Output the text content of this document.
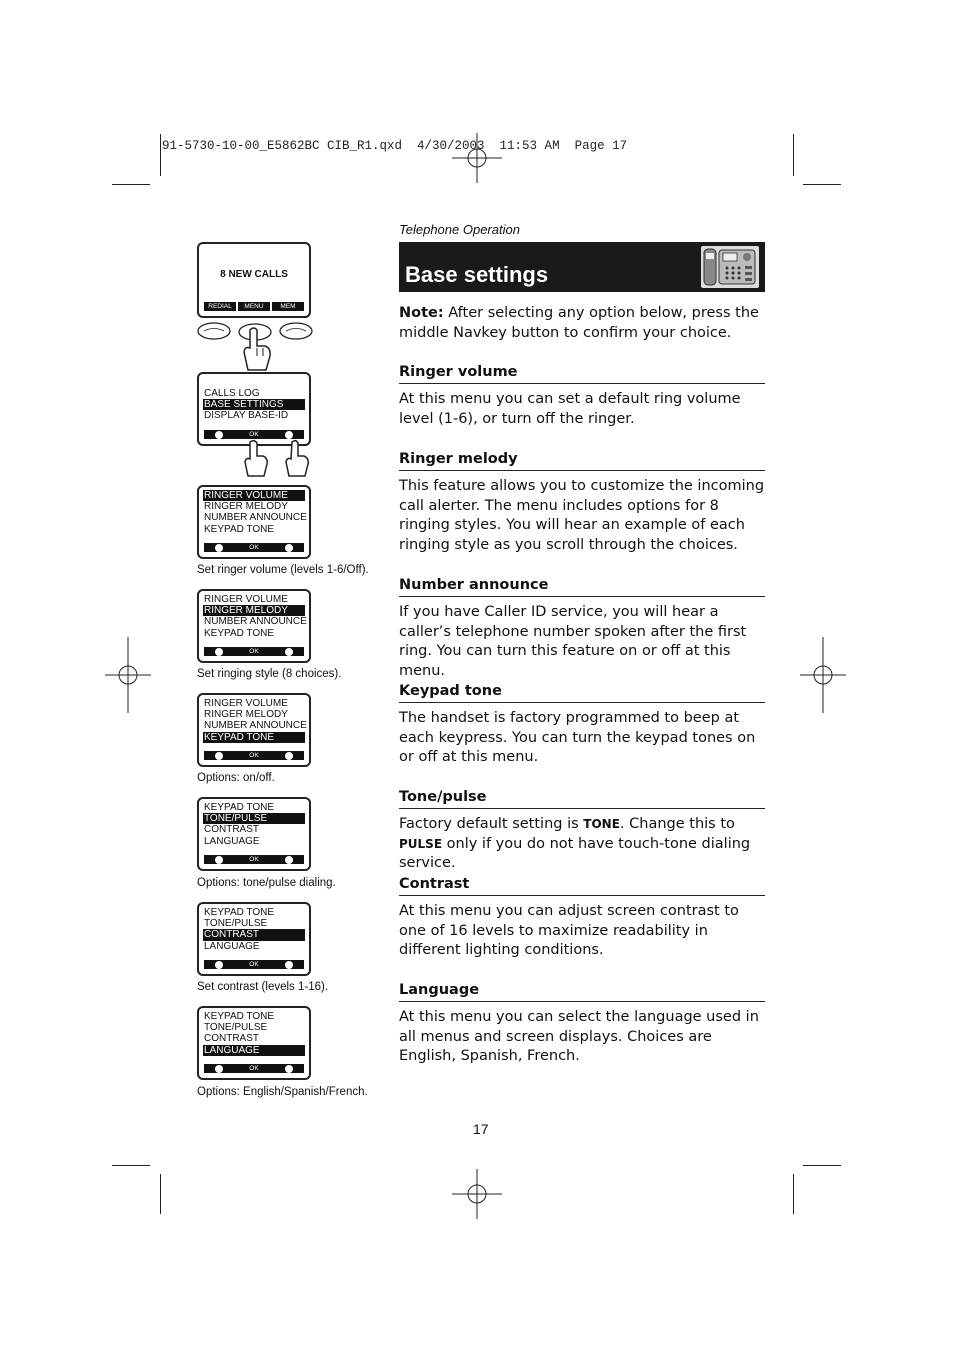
91-5730-10-00_E5862BC CIB_R1.qxd  4/30/2003  11:53 AM  Page 17
Telephone Operation
Base settings
Note: After selecting any option below, press the middle Navkey button to confirm your choice.
Ringer volume
At this menu you can set a default ring volume level (1-6), or turn off the ringer.
Ringer melody
This feature allows you to customize the incoming call alerter. The menu includes options for 8 ringing styles. You will hear an example of each ringing style as you scroll through the choices.
Number announce
If you have Caller ID service, you will hear a caller’s telephone number spoken after the first ring. You can turn this feature on or off at this menu.
Keypad tone
The handset is factory programmed to beep at each keypress. You can turn the keypad tones on or off at this menu.
Tone/pulse
Factory default setting is TONE. Change this to PULSE only if you do not have touch-tone dialing service.
Contrast
At this menu you can adjust screen contrast to one of 16 levels to maximize readability in different lighting conditions.
Language
At this menu you can select the language used in all menus and screen displays. Choices are English, Spanish, French.
8 NEW CALLS
REDIAL	MENU	MEM
CALLS LOG
BASE SETTINGS
DISPLAY BASE-ID
OK
RINGER VOLUME
RINGER MELODY
NUMBER ANNOUNCE
KEYPAD TONE
OK
Set ringer volume (levels 1-6/Off).
RINGER VOLUME
RINGER MELODY
NUMBER ANNOUNCE
KEYPAD TONE
OK
Set ringing style (8 choices).
RINGER VOLUME
RINGER MELODY
NUMBER ANNOUNCE
KEYPAD TONE
OK
Options: on/off.
KEYPAD TONE
TONE/PULSE
CONTRAST
LANGUAGE
OK
Options: tone/pulse dialing.
KEYPAD TONE
TONE/PULSE
CONTRAST
LANGUAGE
OK
Set contrast (levels 1-16).
KEYPAD TONE
TONE/PULSE
CONTRAST
LANGUAGE
OK
Options: English/Spanish/French.
17
